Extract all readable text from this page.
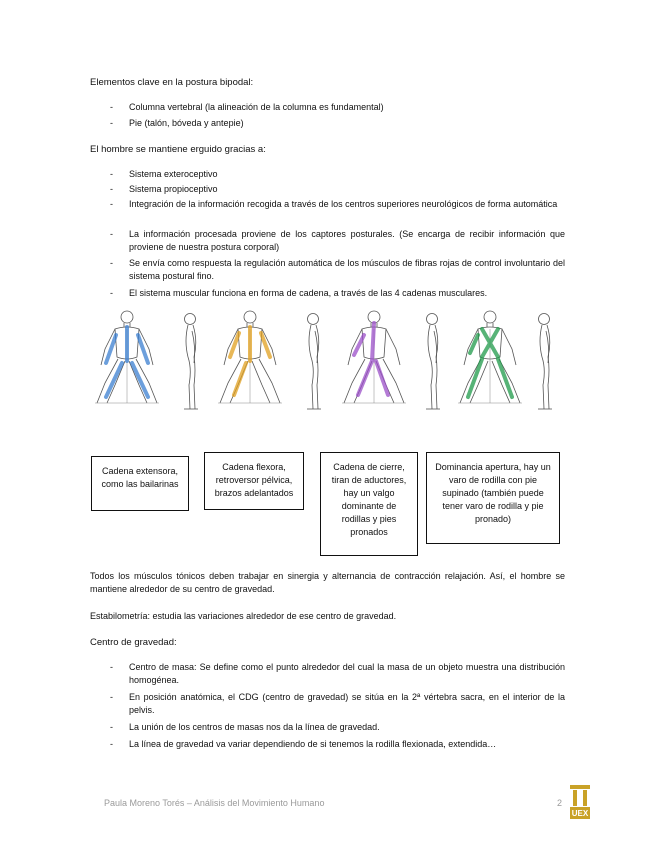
Elementos clave en la postura bipodal:

- Columna vertebral (la alineación de la columna es fundamental)
- Pie (talón, bóveda y antepie)

El hombre se mantiene erguido gracias a:

- Sistema exteroceptivo
- Sistema propioceptivo
- Integración de la información recogida a través de los centros superiores neurológicos de forma automática
- La información procesada proviene de los captores posturales. (Se encarga de recibir información que proviene de nuestra postura corporal)
- Se envía como respuesta la regulación automática de los músculos de fibras rojas de control involuntario del sistema postural fino.
- El sistema muscular funciona en forma de cadena, a través de las 4 cadenas musculares.
Cadena extensora, como las bailarinas
Cadena flexora, retroversor pélvica, brazos adelantados
Cadena de cierre, tiran de aductores, hay un valgo dominante de rodillas y pies pronados
Dominancia apertura, hay un varo de rodilla con pie supinado (también puede tener varo de rodilla y pie pronado)

Todos los músculos tónicos deben trabajar en sinergia y alternancia de contracción relajación. Así, el hombre se mantiene alrededor de su centro de gravedad.

Estabilometría: estudia las variaciones alrededor de ese centro de gravedad.

Centro de gravedad:

- Centro de masa: Se define como el punto alrededor del cual la masa de un objeto muestra una distribución homogénea.
- En posición anatómica, el CDG (centro de gravedad) se sitúa en la 2ª vértebra sacra, en el interior de la pelvis.
- La unión de los centros de masas nos da la línea de gravedad.
- La línea de gravedad va variar dependiendo de si tenemos la rodilla flexionada, extendida…
Paula Moreno Torés – Análisis del Movimiento Humano	2
UEX
